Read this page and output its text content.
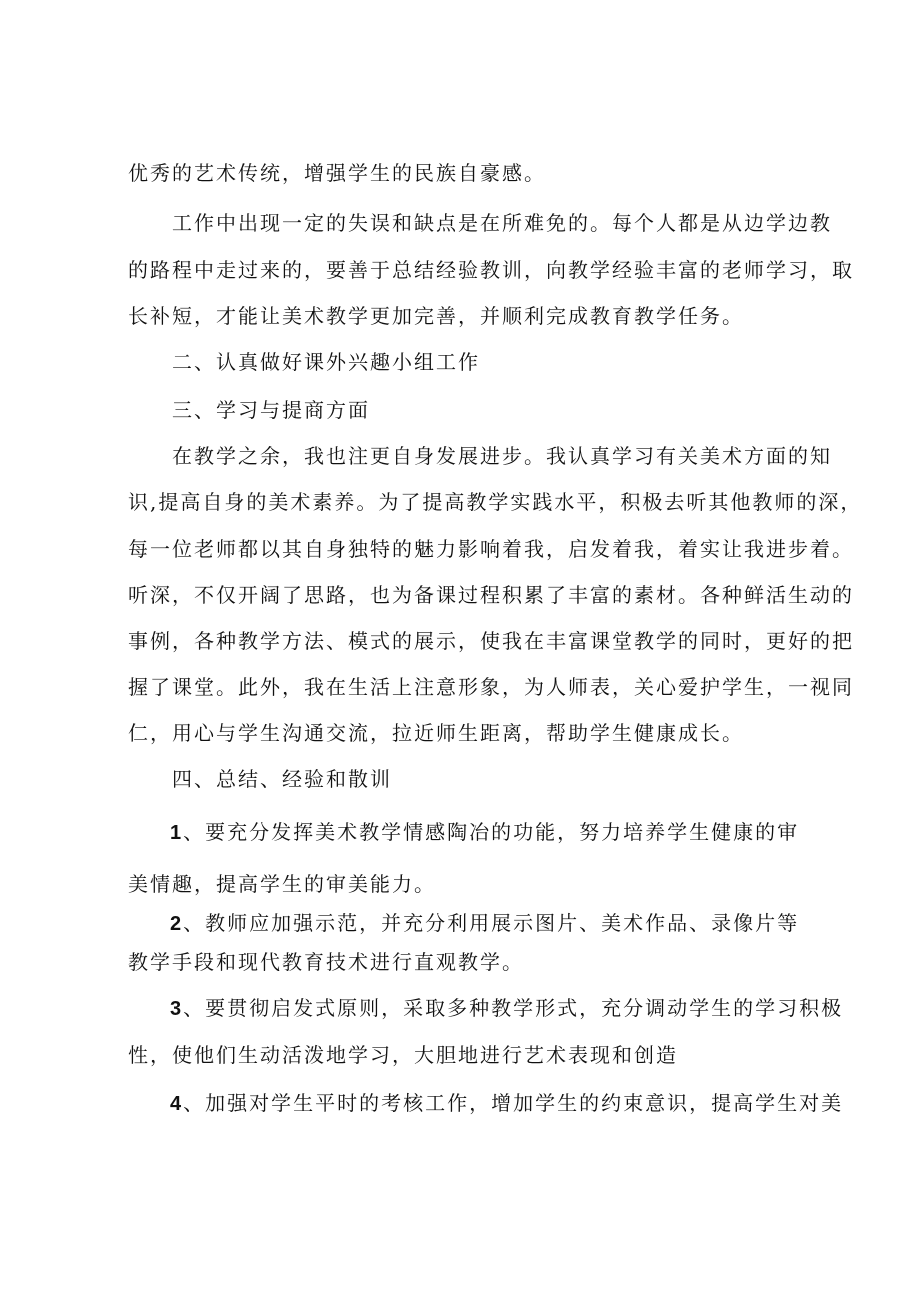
优秀的艺术传统，增强学生的民族自豪感。
工作中出现一定的失误和缺点是在所难免的。每个人都是从边学边教
的路程中走过来的，要善于总结经验教训，向教学经验丰富的老师学习，取
长补短，才能让美术教学更加完善，并顺利完成教育教学任务。
二、认真做好课外兴趣小组工作
三、学习与提商方面
在教学之余，我也注更自身发展进步。我认真学习有关美术方面的知
识,提高自身的美术素养。为了提高教学实践水平，积极去听其他教师的深，
每一位老师都以其自身独特的魅力影响着我，启发着我，着实让我进步着。
听深，不仅开阔了思路，也为备课过程积累了丰富的素材。各种鲜活生动的
事例，各种教学方法、模式的展示，使我在丰富课堂教学的同时，更好的把
握了课堂。此外，我在生活上注意形象，为人师表，关心爱护学生，一视同
仁，用心与学生沟通交流，拉近师生距离，帮助学生健康成长。
四、总结、经验和散训
1、要充分发挥美术教学情感陶冶的功能，努力培养学生健康的审
美情趣，提高学生的审美能力。
2、教师应加强示范，并充分利用展示图片、美术作品、录像片等
教学手段和现代教育技术进行直观教学。
3、要贯彻启发式原则，采取多种教学形式，充分调动学生的学习积极
性，使他们生动活泼地学习，大胆地进行艺术表现和创造
4、加强对学生平时的考核工作，增加学生的约束意识，提高学生对美
